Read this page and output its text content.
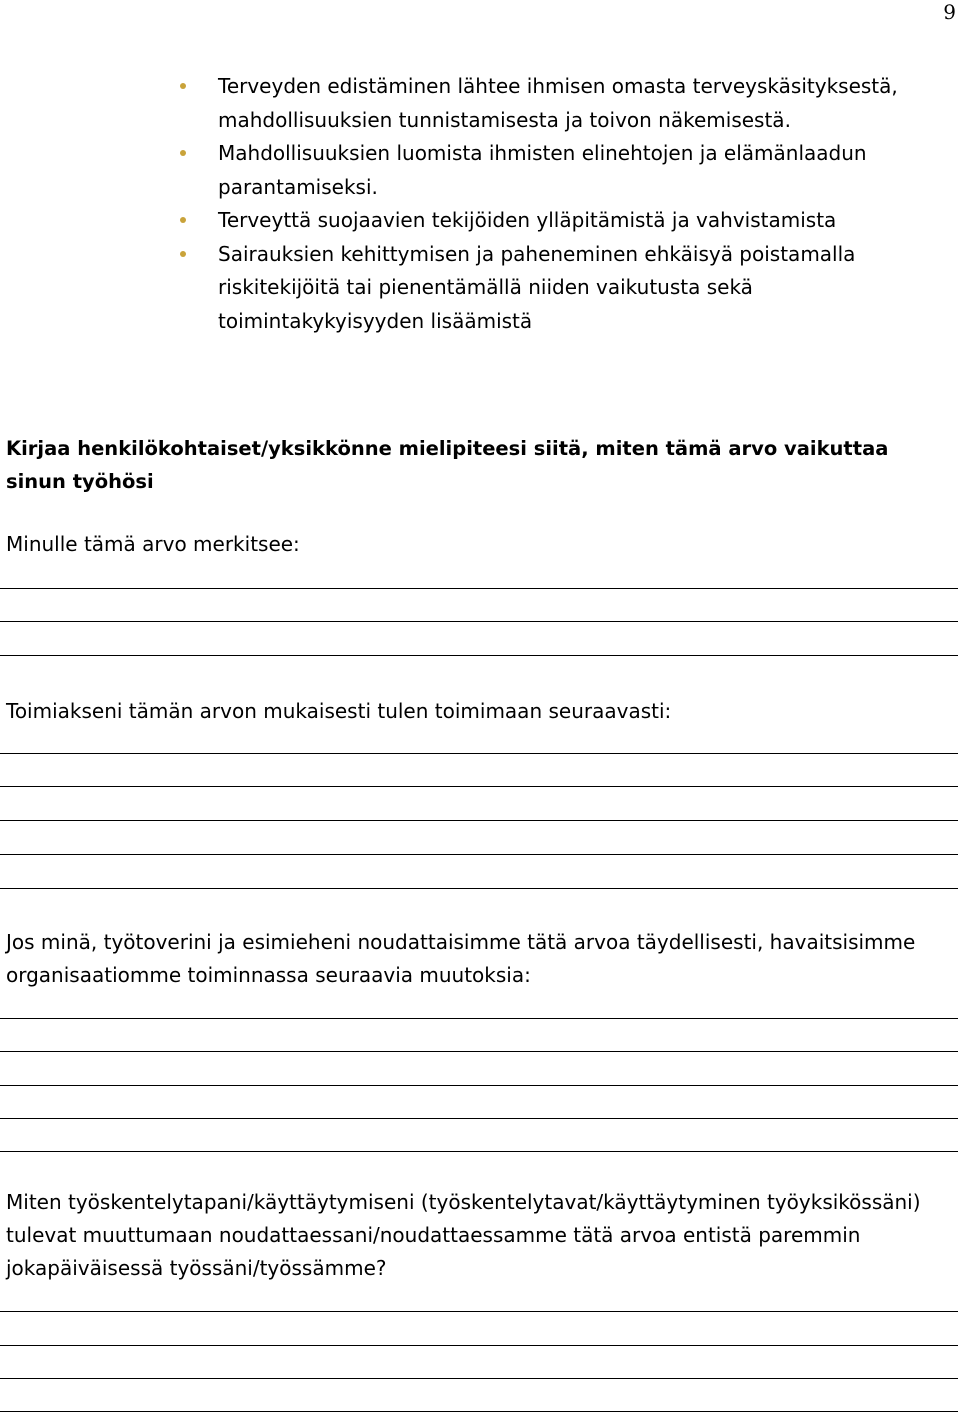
9
Terveyden edistäminen lähtee ihmisen omasta terveyskäsityksestä, mahdollisuuksien tunnistamisesta ja toivon näkemisestä.
Mahdollisuuksien luomista ihmisten elinehtojen ja elämänlaadun parantamiseksi.
Terveyttä suojaavien tekijöiden ylläpitämistä ja vahvistamista
Sairauksien kehittymisen ja paheneminen ehkäisyä poistamalla riskitekijöitä tai pienentämällä niiden vaikutusta sekä toimintakykyisyyden lisäämistä
Kirjaa henkilökohtaiset/yksikkönne mielipiteesi siitä, miten tämä arvo vaikuttaa sinun työhösi
Minulle tämä arvo merkitsee:
Toimiakseni tämän arvon mukaisesti tulen toimimaan seuraavasti:
Jos minä, työtoverini ja esimieheni noudattaisimme tätä arvoa täydellisesti, havaitsisimme organisaatiomme toiminnassa seuraavia muutoksia:
Miten työskentelytapani/käyttäytymiseni (työskentelytavat/käyttäytyminen työyksikössäni) tulevat muuttumaan noudattaessani/noudattaessamme tätä arvoa entistä paremmin jokapäiväisessä työssäni/työssämme?
